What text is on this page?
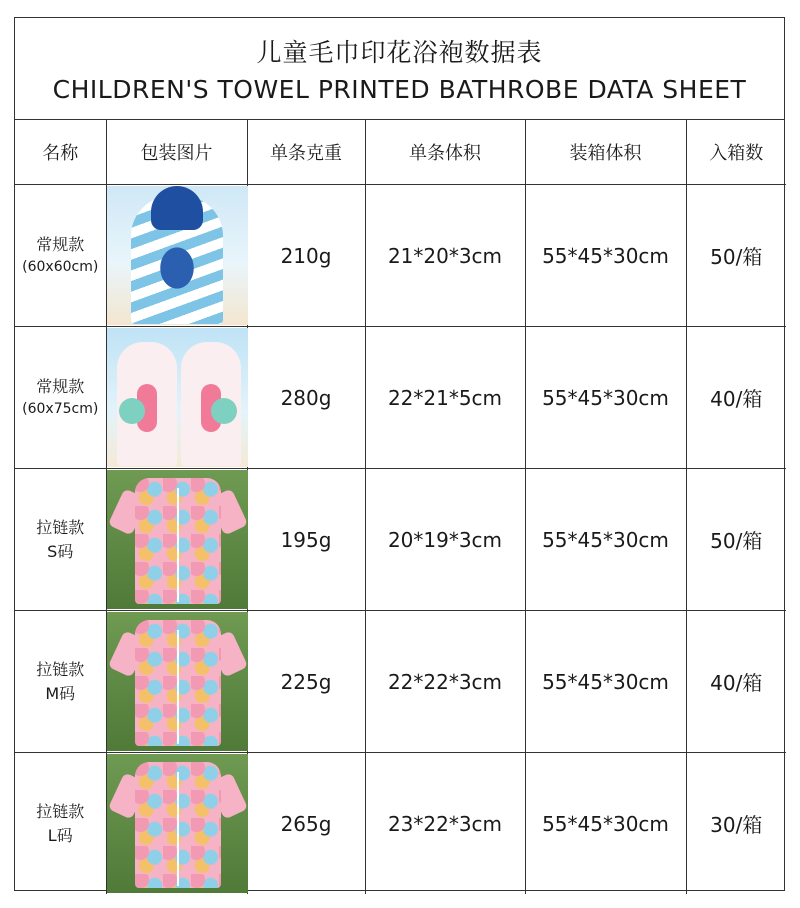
儿童毛巾印花浴袍数据表
CHILDREN'S TOWEL PRINTED BATHROBE DATA SHEET
名称	包装图片	单条克重	单条体积	装箱体积	入箱数

常规款
(60x60cm)		210g	21*20*3cm	55*45*30cm	50/箱

常规款
(60x75cm)		280g	22*21*5cm	55*45*30cm	40/箱

拉链款
S码		195g	20*19*3cm	55*45*30cm	50/箱

拉链款
M码		225g	22*22*3cm	55*45*30cm	40/箱

拉链款
L码		265g	23*22*3cm	55*45*30cm	30/箱
